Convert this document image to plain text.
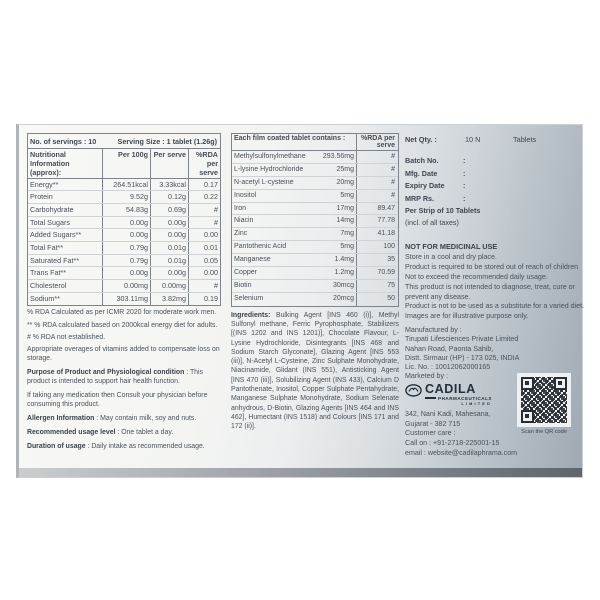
No. of servings : 10	Serving Size : 1 tablet (1.26g)
Nutritional Information (approx):
Per 100g Per serve	%RDA per serve
Energy**	264.51kcal	3.33kcal	0.17
Protein	9.52g	0.12g	0.22
Carbohydrate	54.83g	0.69g	#
Total Sugars	0.00g	0.00g	#
Added Sugars**	0.00g	0.00g	0.00
Total Fat**	0.79g	0.01g	0.01
Saturated Fat**	0.79g	0.01g	0.05
Trans Fat**	0.00g	0.00g	0.00
Cholesterol	0.00mg	0.00mg	#
Sodium**	303.11mg	3.82mg	0.19

% RDA Calculated as per ICMR 2020 for moderate work men.

** % RDA calculated based on 2000kcal energy diet for adults.

# % RDA not established.

Appropriate overages of vitamins added to compensate loss on storage.

Purpose of Product and Physiological condition : This product is intended to support hair health function.

If taking any medication then Consult your physician before consuming this product.

Allergen Information : May contain milk, soy and nuts.

Recommended usage level : One tablet a day.

Duration of usage : Daily intake as recommended usage.

Each film coated tablet contains :	%RDA per serve
Methylsulfonylmethane	293.56mg	#
L-lysine Hydrochloride	25mg	#
N-acetyl L-cysteine	20mg	#
Inositol	5mg	#
Iron	17mg	89.47
Niacin	14mg	77.78
Zinc	7mg	41.18
Pantothenic Acid	5mg	100
Manganese	1.4mg	35
Copper	1.2mg	70.59
Biotin	30mcg	75
Selenium	20mcg	50

Ingredients: Bulking Agent [INS 460 (i)], Methyl Sulfonyl methane, Ferric Pyrophosphate, Stabilizers [(INS 1202 and INS 1201)], Chocolate Flavour, L-Lysine Hydrochloride, Disintegrants [INS 468 and Sodium Starch Glyconate], Glazing Agent [INS 553 (iii)], N-Acetyl L-Cysteine, Zinc Sulphate Monohydrate, Niacinamide, Glidant (INS 551), Antisticking Agent [INS 470 (iii)], Solubilizing Agent (INS 433), Calcium D Pantothenate, Inositol, Copper Sulphate Pentahydrate, Manganese Sulphate Monohydrate, Sodium Selenate anhydrous, D-Biotin, Glazing Agents [INS 464 and INS 462], Humectant (INS 1518) and Colours [INS 171 and 172 (ii)].

Net Qty. :	10 N	Tablets
Batch No.	:
Mfg. Date	:
Expiry Date	:
MRP Rs.	:
Per Strip of 10 Tablets
(incl. of all taxes)
NOT FOR MEDICINAL USE

Store in a cool and dry place.

Product is required to be stored out of reach of children

Not to exceed the recommended daily usage.

This product is not intended to diagnose, treat, cure or prevent any disease.

Product is not to be used as a substitute for a varied diet.

Images are for illustrative purpose only.

Manufactured by :

Tirupati Lifesciences Private Limited

Nahan Road, Paonta Sahib,

Distt. Sirmaur (HP) - 173 025, INDIA

Lic. No. : 10012062000165

Marketed by :

CADILA
PHARMACEUTICALS
LIMITED

342, Nani Kadi, Mahesana,

Gujarat - 382 715

Customer care :

Call on : +91-2718-225001-15

email : website@cadilaphrama.com

Scan the QR code
